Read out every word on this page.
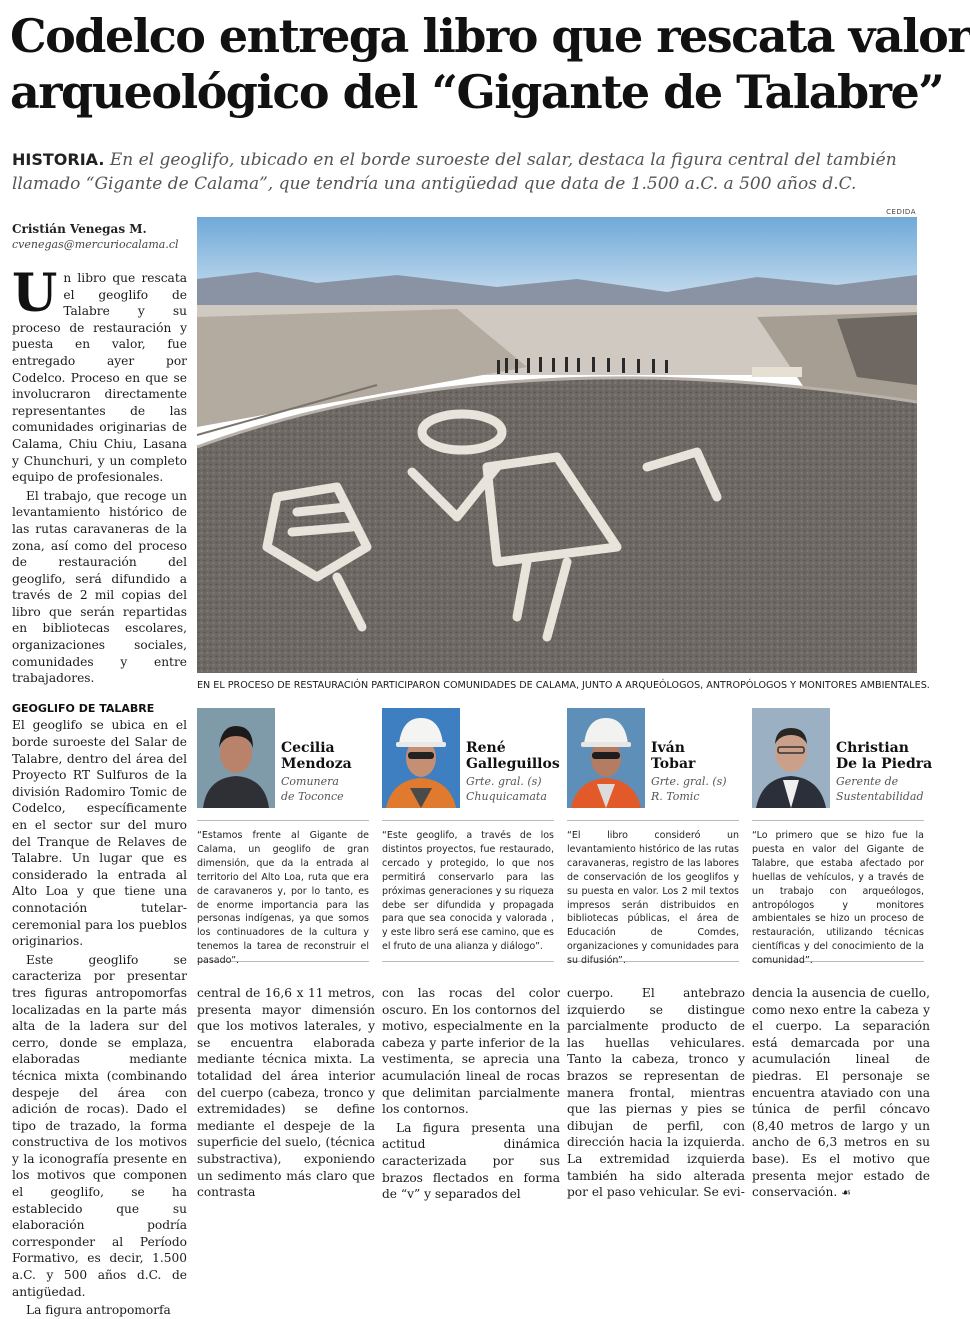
Codelco entrega libro que rescata valor
arqueológico del “Gigante de Talabre”
HISTORIA. En el geoglifo, ubicado en el borde suroeste del salar, destaca la figura central del también llamado “Gigante de Calama”, que tendría una antigüedad que data de 1.500 a.C. a 500 años d.C.
Cristián Venegas M.
cvenegas@mercuriocalama.cl

Un libro que rescata el geoglifo de Talabre y su proceso de restauración y puesta en valor, fue entregado ayer por Codelco. Proceso en que se involucraron directamente representantes de las comunidades originarias de Calama, Chiu Chiu, Lasana y Chunchuri, y un completo equipo de profesionales.

El trabajo, que recoge un levantamiento histórico de las rutas caravaneras de la zona, así como del proceso de restauración del geoglifo, será difundido a través de 2 mil copias del libro que serán repartidas en bibliotecas escolares, organizaciones sociales, comunidades y entre trabajadores.

GEOGLIFO DE TALABRE

El geoglifo se ubica en el borde suroeste del Salar de Talabre, dentro del área del Proyecto RT Sulfuros de la división Radomiro Tomic de Codelco, específicamente en el sector sur del muro del Tranque de Relaves de Talabre. Un lugar que es considerado la entrada al Alto Loa y que tiene una connotación tutelar-ceremonial para los pueblos originarios.

Este geoglifo se caracteriza por presentar tres figuras antropomorfas localizadas en la parte más alta de la ladera sur del cerro, donde se emplaza, elaboradas mediante técnica mixta (combinando despeje del área con adición de rocas). Dado el tipo de trazado, la forma constructiva de los motivos y la iconografía presente en los motivos que componen el geoglifo, se ha establecido que su elaboración podría corresponder al Período Formativo, es decir, 1.500 a.C. y 500 años d.C. de antigüedad.

La figura antropomorfa

CEDIDA
EN EL PROCESO DE RESTAURACIÓN PARTICIPARON COMUNIDADES DE CALAMA, JUNTO A ARQUEÓLOGOS, ANTROPÓLOGOS Y MONITORES AMBIENTALES.
Cecilia
Mendoza
Comunera
de Toconce
René
Galleguillos
Grte. gral. (s)
Chuquicamata
Iván
Tobar
Grte. gral. (s)
R. Tomic
Christian
De la Piedra
Gerente de
Sustentabilidad
“Estamos frente al Gigante de Calama, un geoglifo de gran dimensión, que da la entrada al territorio del Alto Loa, ruta que era de caravaneros y, por lo tanto, es de enorme importancia para las personas indígenas, ya que somos los continuadores de la cultura y tenemos la tarea de reconstruir el pasado”.
“Este geoglifo, a través de los distintos proyectos, fue restaurado, cercado y protegido, lo que nos permitirá conservarlo para las próximas generaciones y su riqueza debe ser difundida y propagada para que sea conocida y valorada , y este libro será ese camino, que es el fruto de una alianza y diálogo”.
“El libro consideró un levantamiento histórico de las rutas caravaneras, registro de las labores de conservación de los geoglifos y su puesta en valor. Los 2 mil textos impresos serán distribuidos en bibliotecas públicas, el área de Educación de Comdes, organizaciones y comunidades para su difusión”.
“Lo primero que se hizo fue la puesta en valor del Gigante de Talabre, que estaba afectado por huellas de vehículos, y a través de un trabajo con arqueólogos, antropólogos y monitores ambientales se hizo un proceso de restauración, utilizando técnicas científicas y del conocimiento de la comunidad”.

central de 16,6 x 11 metros, presenta mayor dimensión que los motivos laterales, y se encuentra elaborada mediante técnica mixta. La totalidad del área interior del cuerpo (cabeza, tronco y extremidades) se define mediante el despeje de la superficie del suelo, (técnica substractiva), exponiendo un sedimento más claro que contrasta

con las rocas del color oscuro. En los contornos del motivo, especialmente en la cabeza y parte inferior de la vestimenta, se aprecia una acumulación lineal de rocas que delimitan parcialmente los contornos.

La figura presenta una actitud dinámica caracterizada por sus brazos flectados en forma de “v” y separados del

cuerpo. El antebrazo izquierdo se distingue parcialmente producto de las huellas vehiculares. Tanto la cabeza, tronco y brazos se representan de manera frontal, mientras que las piernas y pies se dibujan de perfil, con dirección hacia la izquierda. La extremidad izquierda también ha sido alterada por el paso vehicular. Se evi-

dencia la ausencia de cuello, como nexo entre la cabeza y el cuerpo. La separación está demarcada por una acumulación lineal de piedras. El personaje se encuentra ataviado con una túnica de perfil cóncavo (8,40 metros de largo y un ancho de 6,3 metros en su base). Es el motivo que presenta mejor estado de conservación. ☙
